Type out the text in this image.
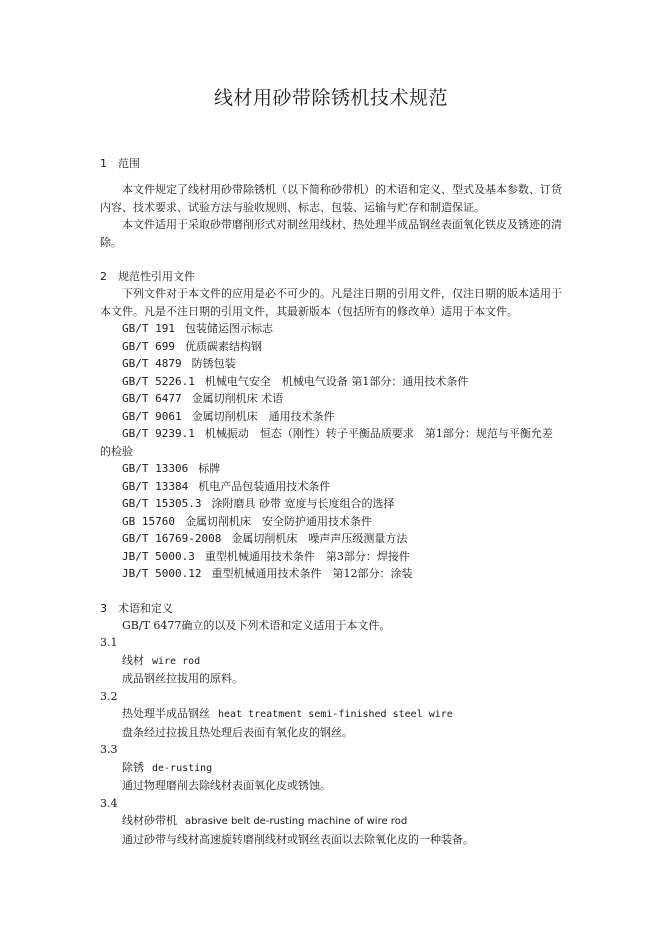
线材用砂带除锈机技术规范
1	范围

本文件规定了线材用砂带除锈机（以下简称砂带机）的术语和定义、型式及基本参数、订货内容、技术要求、试验方法与验收规则、标志、包装、运输与贮存和制造保证。

本文件适用于采取砂带磨削形式对制丝用线材、热处理半成品钢丝表面氧化铁皮及锈迹的清除。

2	规范性引用文件

下列文件对于本文件的应用是必不可少的。凡是注日期的引用文件，仅注日期的版本适用于本文件。凡是不注日期的引用文件，其最新版本（包括所有的修改单）适用于本文件。

GB/T 191 包装储运图示标志
GB/T 699 优质碳素结构钢
GB/T 4879 防锈包装
GB/T 5226.1 机械电气安全　机械电气设备 第1部分：通用技术条件
GB/T 6477 金属切削机床 术语
GB/T 9061 金属切削机床　通用技术条件

GB/T 9239.1 机械振动　恒态（刚性）转子平衡品质要求　第1部分：规范与平衡允差的检验

GB/T 13306 标牌
GB/T 13384 机电产品包装通用技术条件
GB/T 15305.3 涂附磨具 砂带 宽度与长度组合的选择
GB 15760 金属切削机床　安全防护通用技术条件
GB/T 16769-2008 金属切削机床　噪声声压级测量方法
JB/T 5000.3 重型机械通用技术条件　第3部分：焊接件
JB/T 5000.12 重型机械通用技术条件　第12部分：涂装
3	术语和定义

GB/T 6477确立的以及下列术语和定义适用于本文件。

3.1
线材 wire rod
成品钢丝拉拔用的原料。
3.2
热处理半成品钢丝 heat treatment semi-finished steel wire
盘条经过拉拔且热处理后表面有氧化皮的钢丝。
3.3
除锈 de-rusting
通过物理磨削去除线材表面氧化皮或锈蚀。
3.4
线材砂带机 abrasive belt de-rusting machine of wire rod
通过砂带与线材高速旋转磨削线材或钢丝表面以去除氧化皮的一种装备。
